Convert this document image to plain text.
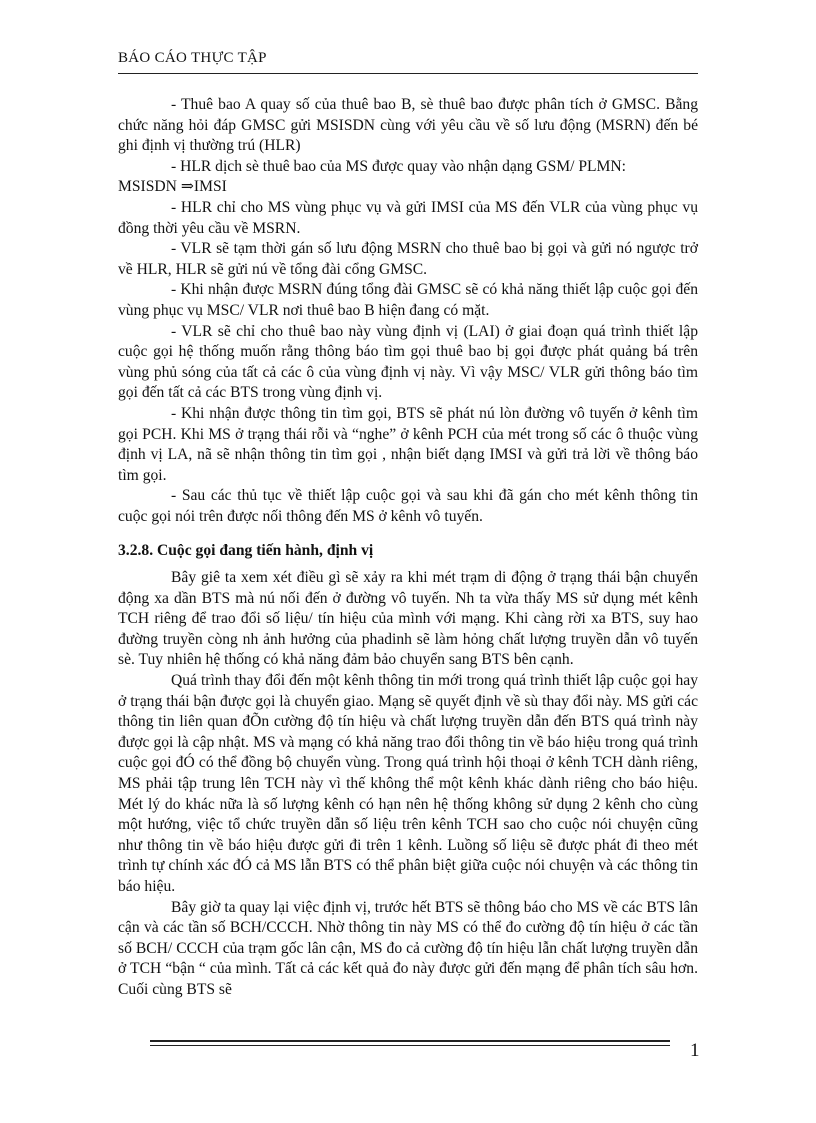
BÁO CÁO THỰC TẬP

- Thuê bao A quay số của thuê bao B, sè thuê bao được phân tích ở GMSC. Bằng chức năng hỏi đáp GMSC gửi MSISDN cùng với yêu cầu về số lưu động (MSRN) đến bé ghi định vị thường trú (HLR)

- HLR dịch sè thuê bao của MS được quay vào nhận dạng GSM/ PLMN:

MSISDN ⇒IMSI

- HLR chỉ cho MS vùng phục vụ và gửi IMSI của MS đến VLR của vùng phục vụ đồng thời yêu cầu về MSRN.

- VLR sẽ tạm thời gán số lưu động MSRN cho thuê bao bị gọi và gửi nó ngược trở về HLR, HLR sẽ gửi nú về tổng đài cổng GMSC.

- Khi nhận được MSRN đúng tổng đài GMSC sẽ có khả năng thiết lập cuộc gọi đến vùng phục vụ MSC/ VLR nơi thuê bao B hiện đang có mặt.

- VLR sẽ chỉ cho thuê bao này vùng định vị (LAI) ở giai đoạn quá trình thiết lập cuộc gọi hệ thống muốn rằng thông báo tìm gọi thuê bao bị gọi được phát quảng bá trên vùng phủ sóng của tất cả các ô của vùng định vị này. Vì vậy MSC/ VLR gửi thông báo tìm gọi đến tất cả các BTS trong vùng định vị.

- Khi nhận được thông tin tìm gọi, BTS sẽ phát nú lòn đường vô tuyến ở kênh tìm gọi PCH. Khi MS ở trạng thái rỗi và “nghe” ở kênh PCH của mét trong số các ô thuộc vùng định vị LA, nã sẽ nhận thông tin tìm gọi , nhận biết dạng IMSI và gửi trả lời về thông báo tìm gọi.

- Sau các thủ tục về thiết lập cuộc gọi và sau khi đã gán cho mét kênh thông tin cuộc gọi nói trên được nối thông đến MS ở kênh vô tuyến.

3.2.8. Cuộc gọi đang tiến hành, định vị

Bây giê ta xem xét điều gì sẽ xảy ra khi mét trạm di động ở trạng thái bận chuyển động xa dần BTS mà nú nối đến ở đường vô tuyến. Nh ta vừa thấy MS sử dụng mét kênh TCH riêng để trao đổi số liệu/ tín hiệu của mình với mạng. Khi càng rời xa BTS, suy hao đường truyền còng nh ảnh hưởng của phadinh sẽ làm hỏng chất lượng truyền dẫn vô tuyến sè. Tuy nhiên hệ thống có khả năng đảm bảo chuyển sang BTS bên cạnh.

Quá trình thay đổi đến một kênh thông tin mới trong quá trình thiết lập cuộc gọi hay ở trạng thái bận được gọi là chuyển giao. Mạng sẽ quyết định về sù thay đổi này. MS gửi các thông tin liên quan đÕn cường độ tín hiệu và chất lượng truyền dẫn đến BTS quá trình này được gọi là cập nhật. MS và mạng có khả năng trao đổi thông tin về báo hiệu trong quá trình cuộc gọi đÓ có thể đồng bộ chuyển vùng. Trong quá trình hội thoại ở kênh TCH dành riêng, MS phải tập trung lên TCH này vì thế không thể một kênh khác dành riêng cho báo hiệu. Mét lý do khác nữa là số lượng kênh có hạn nên hệ thống không sử dụng 2 kênh cho cùng một hướng, việc tổ chức truyền dẫn số liệu trên kênh TCH sao cho cuộc nói chuyện cũng như thông tin về báo hiệu được gửi đi trên 1 kênh. Luồng số liệu sẽ được phát đi theo mét trình tự chính xác đÓ cả MS lẫn BTS có thể phân biệt giữa cuộc nói chuyện và các thông tin báo hiệu.

Bây giờ ta quay lại việc định vị, trước hết BTS sẽ thông báo cho MS về các BTS lân cận và các tần số BCH/CCCH. Nhờ thông tin này MS có thể đo cường độ tín hiệu ở các tần số BCH/ CCCH của trạm gốc lân cận, MS đo cả cường độ tín hiệu lẫn chất lượng truyền dẫn ở TCH “bận “ của mình. Tất cả các kết quả đo này được gửi đến mạng để phân tích sâu hơn. Cuối cùng BTS sẽ

1
